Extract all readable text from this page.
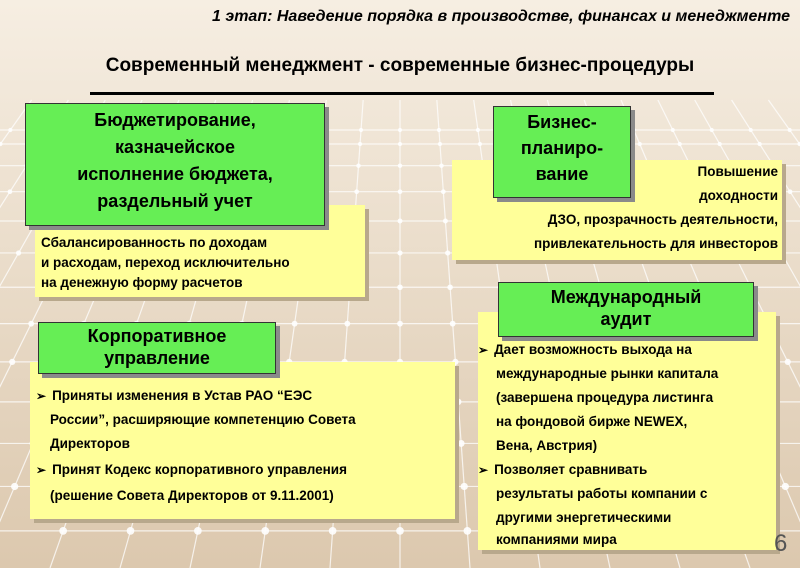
1 этап: Наведение порядка в производстве, финансах и менеджменте
Современный менеджмент - современные бизнес-процедуры
Сбалансированность по доходам
и расходам, переход исключительно
на денежную форму расчетов
Бюджетирование,
казначейское
исполнение бюджета,
раздельный учет
Повышение
доходности
ДЗО, прозрачность деятельности,
привлекательность для инвесторов
Бизнес-
планиро-
вание
➢ Приняты изменения в Устав РАО “ЕЭС
России”, расширяющие компетенцию Совета
Директоров
➢ Принят Кодекс корпоративного управления
(решение Совета Директоров от 9.11.2001)
Корпоративное
управление	➢ Дает возможность выхода на
международные рынки капитала
(завершена процедура листинга
на фондовой бирже NEWEX,
Вена, Австрия)
➢ Позволяет сравнивать
результаты работы компании с
другими энергетическими
компаниями мира
Международный
аудит
6
